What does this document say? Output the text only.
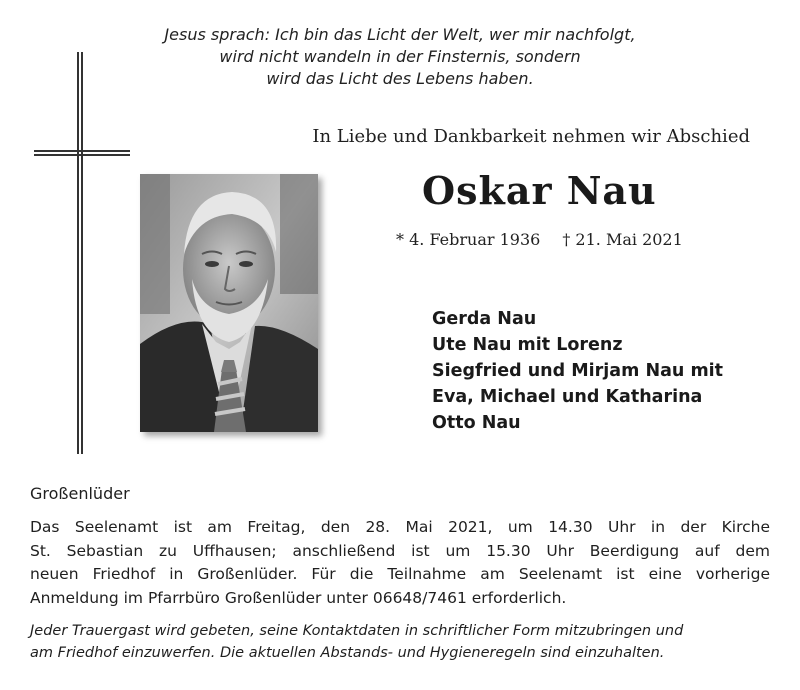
Jesus sprach: Ich bin das Licht der Welt, wer mir nachfolgt,
wird nicht wandeln in der Finsternis, sondern
wird das Licht des Lebens haben.
In Liebe und Dankbarkeit nehmen wir Abschied
Oskar Nau
* 4. Februar 1936 † 21. Mai 2021
Gerda Nau
Ute Nau mit Lorenz
Siegfried und Mirjam Nau mit
Eva, Michael und Katharina
Otto Nau
Großenlüder
Das Seelenamt ist am Freitag, den 28. Mai 2021, um 14.30 Uhr in der Kirche
St. Sebastian zu Uffhausen; anschließend ist um 15.30 Uhr Beerdigung auf dem
neuen Friedhof in Großenlüder. Für die Teilnahme am Seelenamt ist eine vorherige
Anmeldung im Pfarrbüro Großenlüder unter 06648/7461 erforderlich.
Jeder Trauergast wird gebeten, seine Kontaktdaten in schriftlicher Form mitzubringen und
am Friedhof einzuwerfen. Die aktuellen Abstands- und Hygieneregeln sind einzuhalten.
